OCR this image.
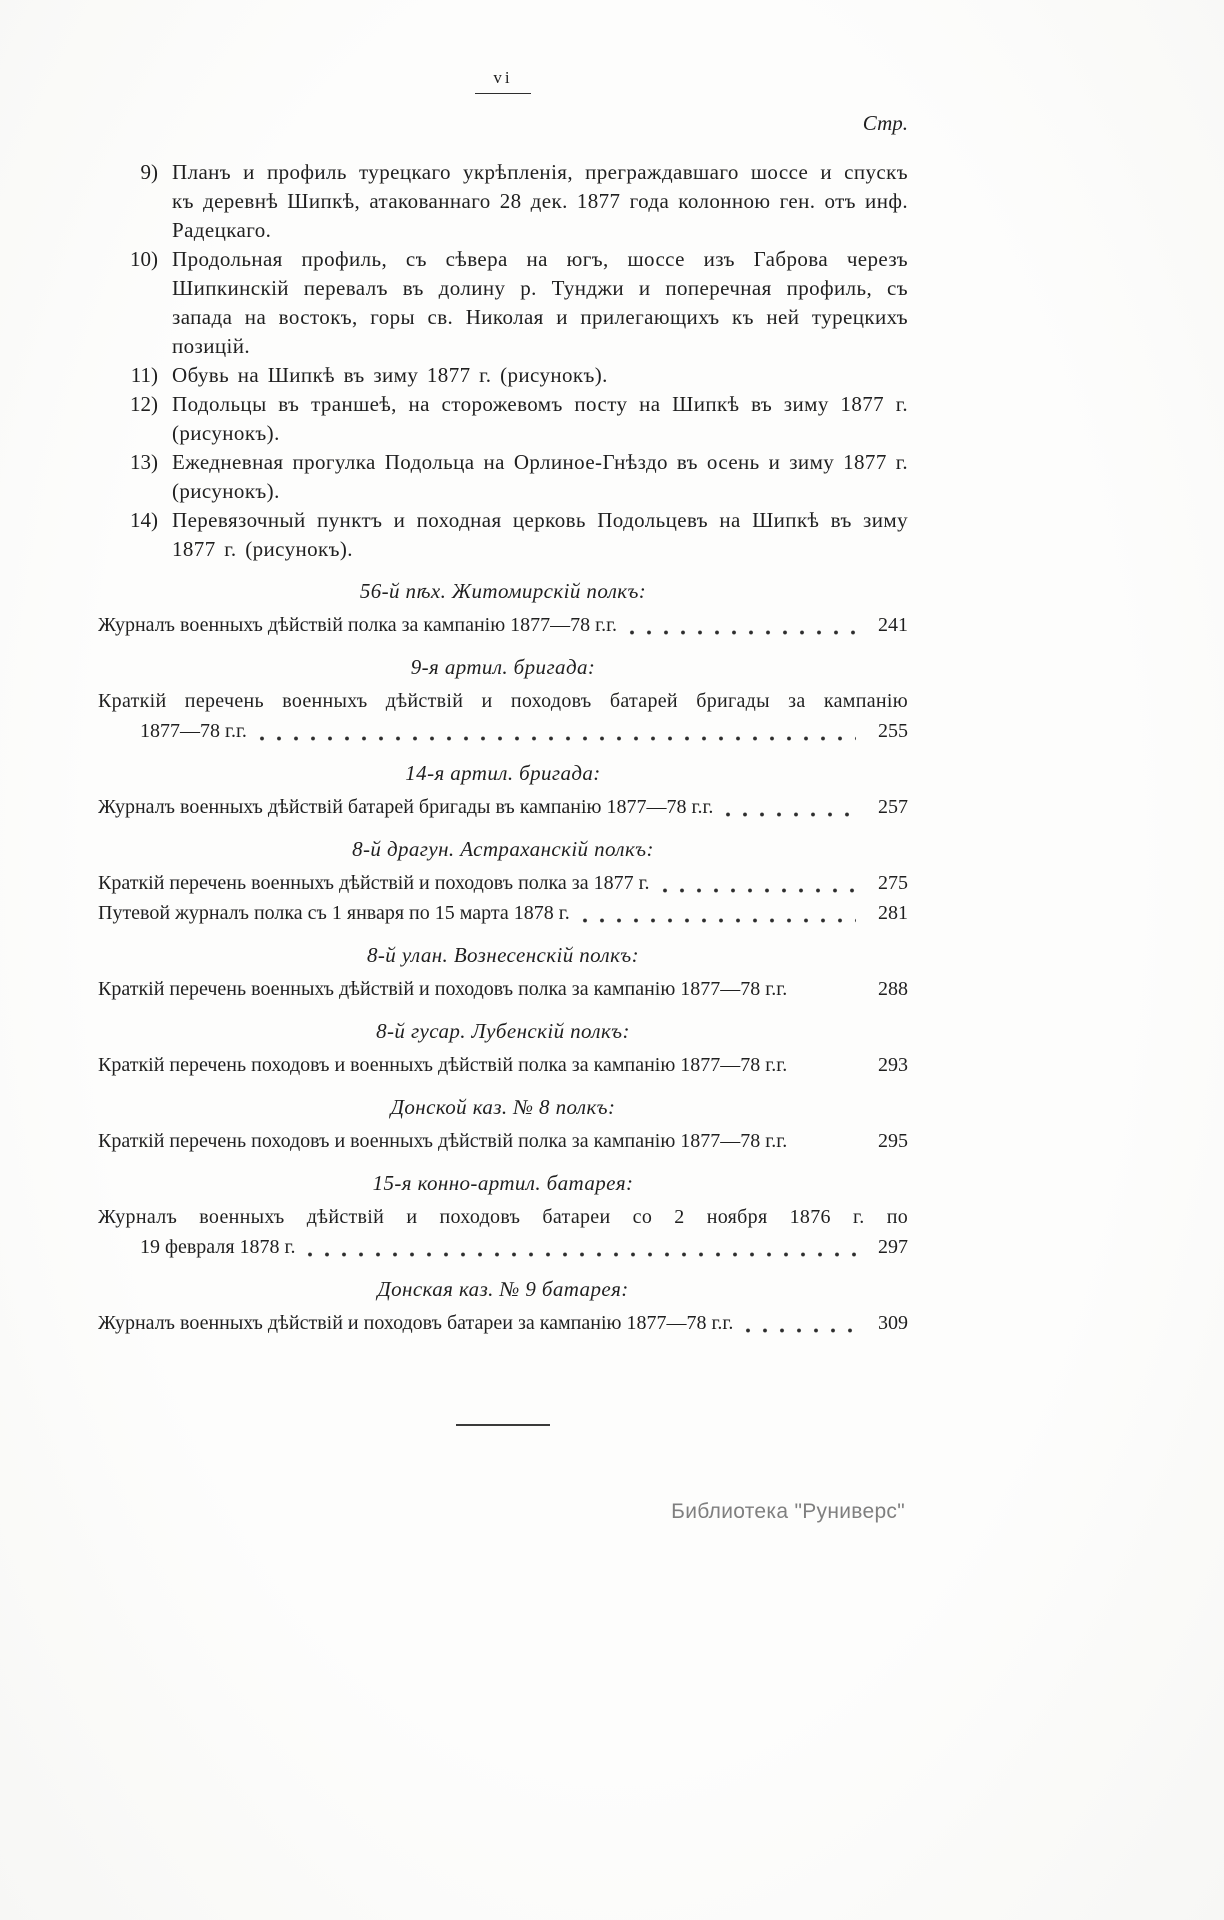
vi
Стр.
9) Планъ и профиль турецкаго укрѣпленія, преграждавшаго шоссе и спускъ къ деревнѣ Шипкѣ, атакованнаго 28 дек. 1877 года колонною ген. отъ инф. Радецкаго.
10) Продольная профиль, съ сѣвера на югъ, шоссе изъ Габрова черезъ Шипкинскій перевалъ въ долину р. Тунджи и поперечная профиль, съ запада на востокъ, горы св. Николая и прилегающихъ къ ней турецкихъ позицій.
11) Обувь на Шипкѣ въ зиму 1877 г. (рисунокъ).
12) Подольцы въ траншеѣ, на сторожевомъ посту на Шипкѣ въ зиму 1877 г. (рисунокъ).
13) Ежедневная прогулка Подольца на Орлиное-Гнѣздо въ осень и зиму 1877 г. (рисунокъ).
14) Перевязочный пунктъ и походная церковь Подольцевъ на Шипкѣ въ зиму 1877 г. (рисунокъ).
56-й пѣх. Житомирскій полкъ:
Журналъ военныхъ дѣйствій полка за кампанію 1877—78 г.г.	241
9-я артил. бригада:
Краткій перечень военныхъ дѣйствій и походовъ батарей бригады за кампанію
1877—78 г.г.	255
14-я артил. бригада:
Журналъ военныхъ дѣйствій батарей бригады въ кампанію 1877—78 г.г.	257
8-й драгун. Астраханскій полкъ:
Краткій перечень военныхъ дѣйствій и походовъ полка за 1877 г.	275
Путевой журналъ полка съ 1 января по 15 марта 1878 г.	281
8-й улан. Вознесенскій полкъ:
Краткій перечень военныхъ дѣйствій и походовъ полка за кампанію 1877—78 г.г.	288
8-й гусар. Лубенскій полкъ:
Краткій перечень походовъ и военныхъ дѣйствій полка за кампанію 1877—78 г.г.	293
Донской каз. № 8 полкъ:
Краткій перечень походовъ и военныхъ дѣйствій полка за кампанію 1877—78 г.г.	295
15-я конно-артил. батарея:
Журналъ военныхъ дѣйствій и походовъ батареи со 2 ноября 1876 г. по
19 февраля 1878 г.	297
Донская каз. № 9 батарея:
Журналъ военныхъ дѣйствій и походовъ батареи за кампанію 1877—78 г.г.	309
Библиотека "Руниверс"
